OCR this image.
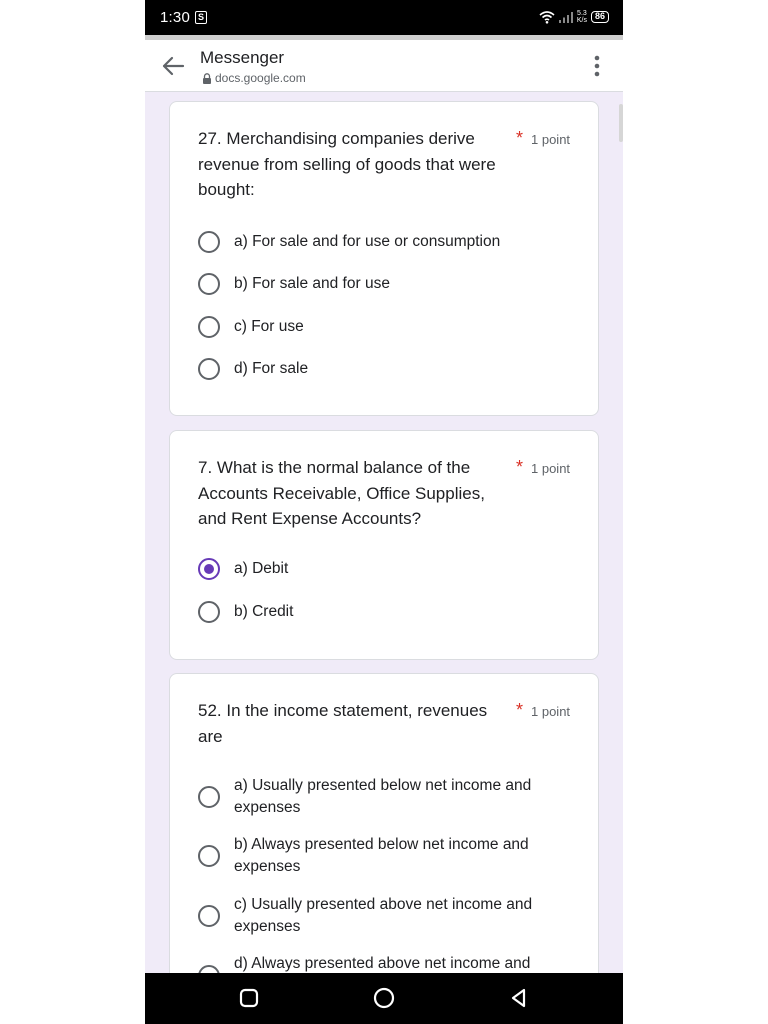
1:30 S	5.3
K/s 86
Messenger
docs.google.com
27. Merchandising companies derive revenue from selling of goods that were bought:
* 1 point
a) For sale and for use or consumption
b) For sale and for use
c) For use
d) For sale
7. What is the normal balance of the Accounts Receivable, Office Supplies, and Rent Expense Accounts?
* 1 point
a) Debit
b) Credit
52. In the income statement, revenues are
* 1 point
a) Usually presented below net income and expenses
b) Always presented below net income and expenses
c) Usually presented above net income and expenses
d) Always presented above net income and
